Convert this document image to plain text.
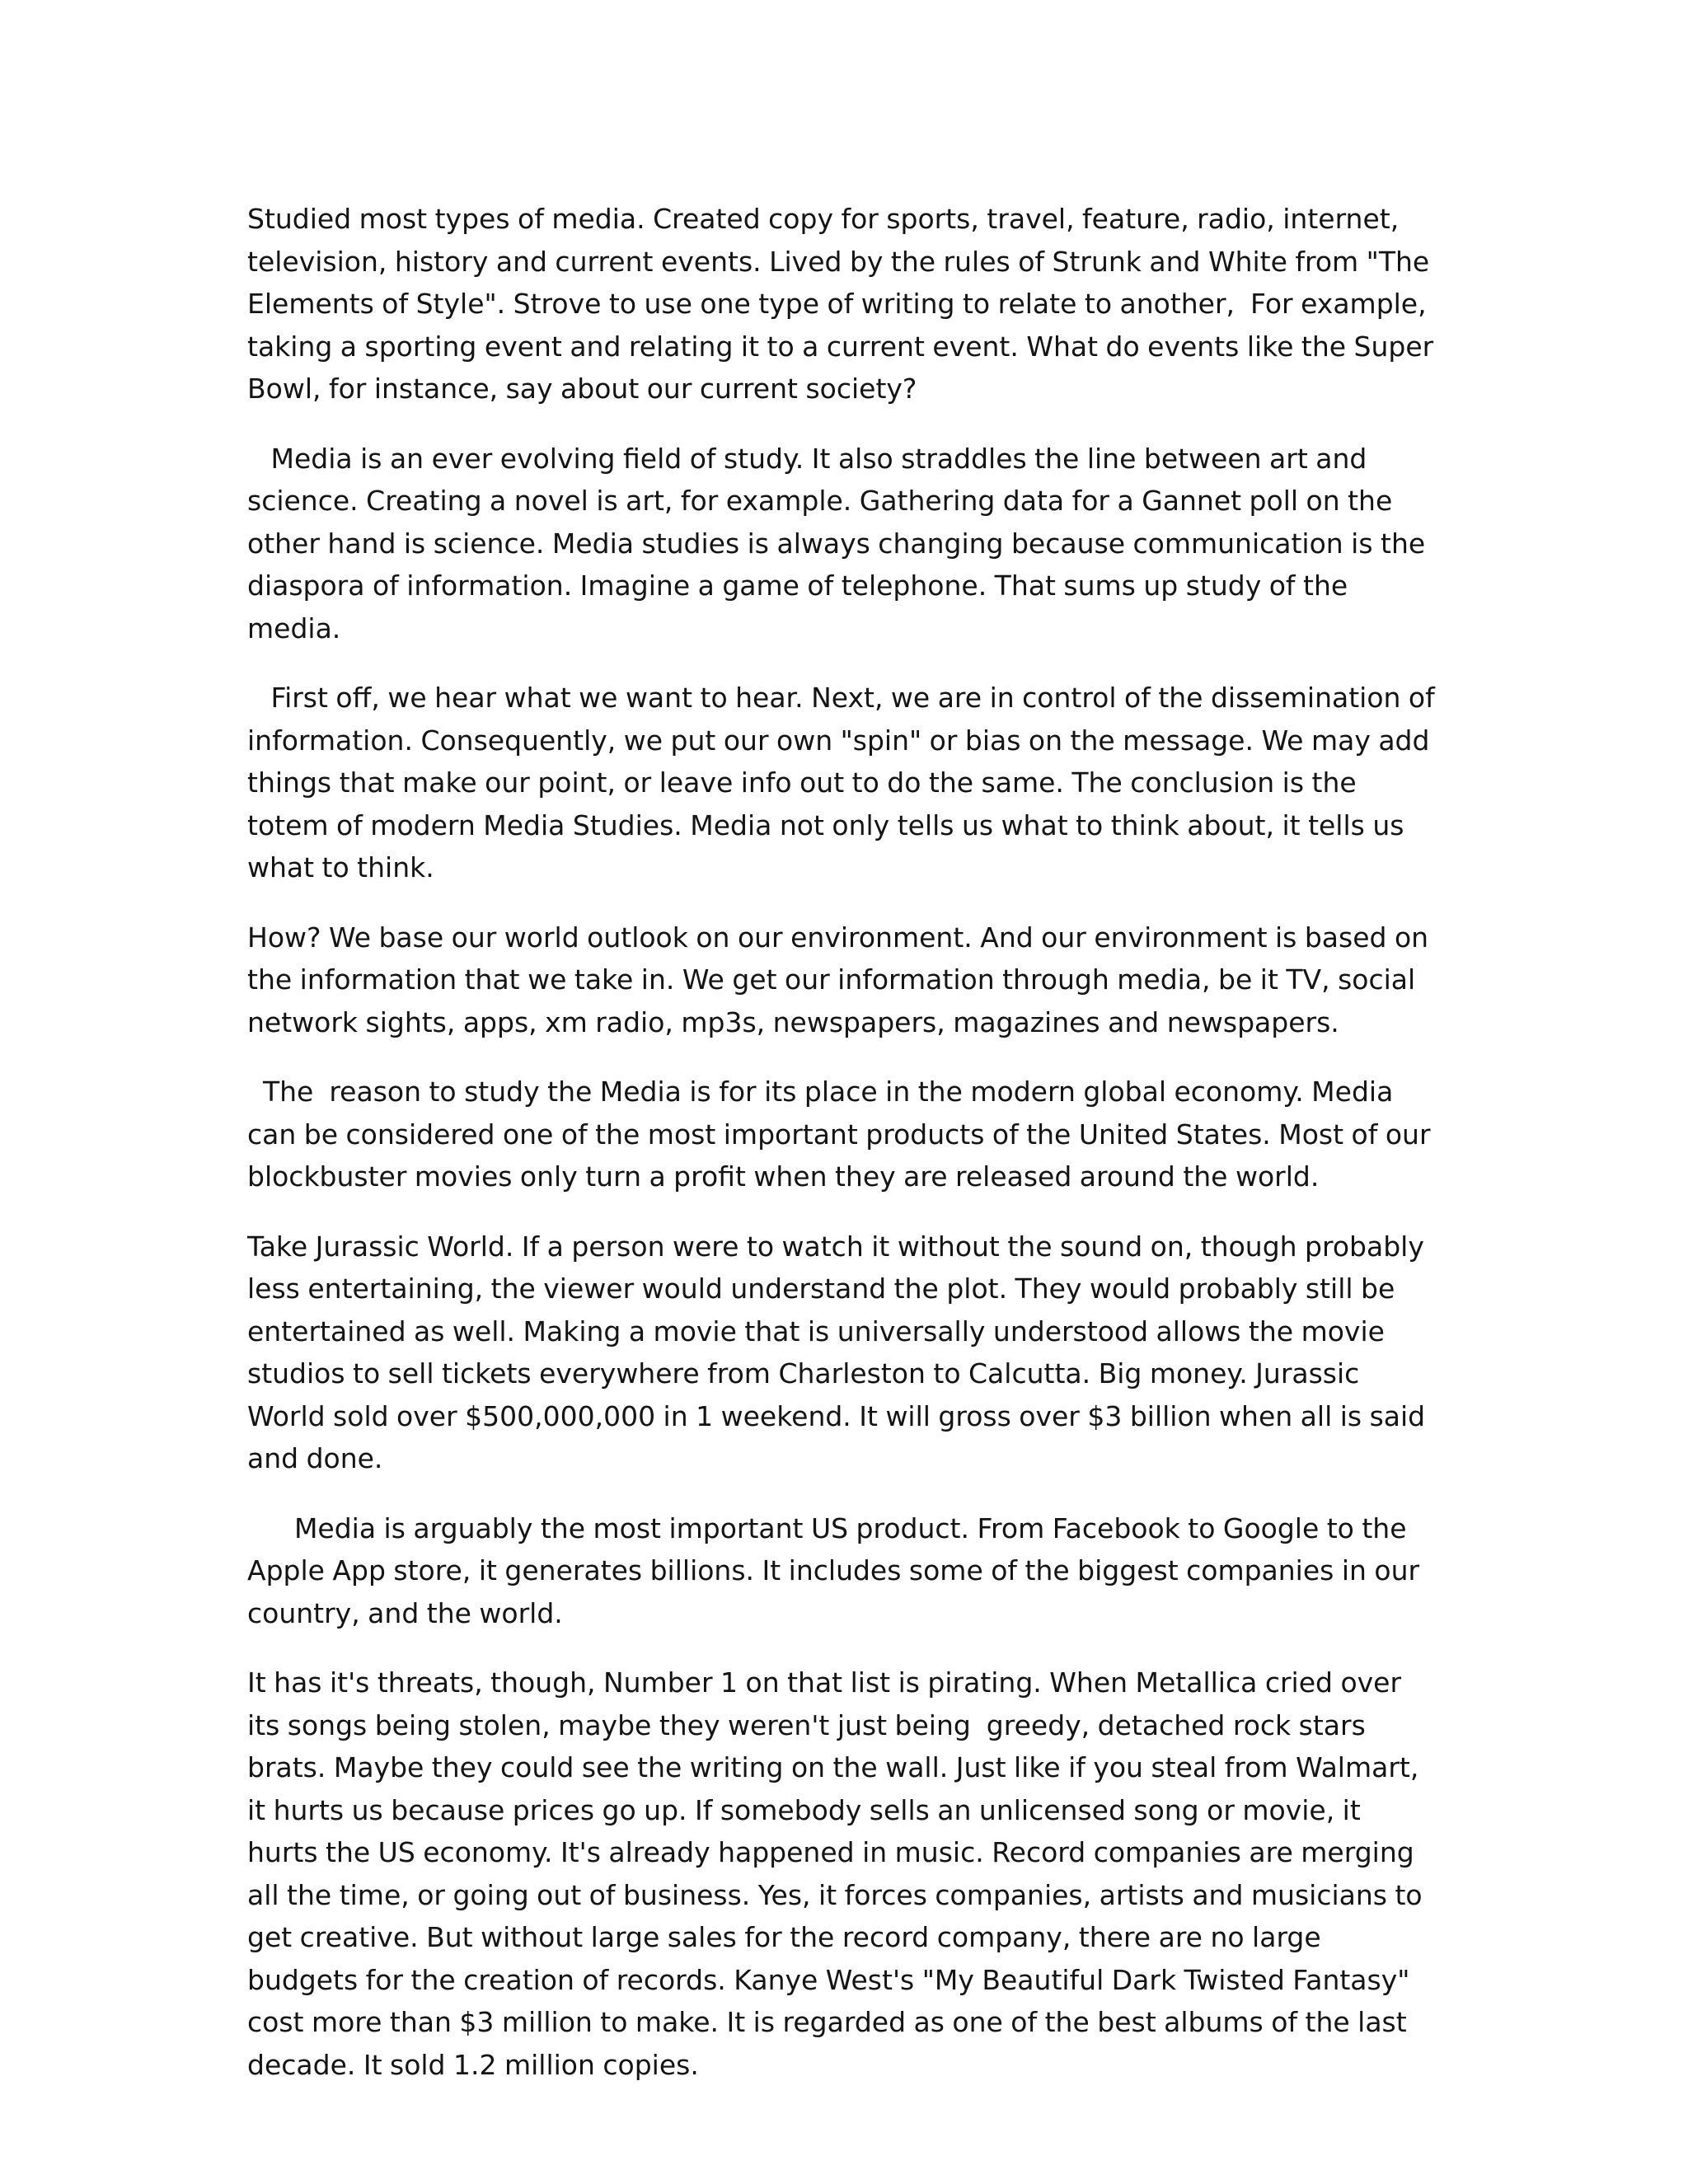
Studied most types of media. Created copy for sports, travel, feature, radio, internet, television, history and current events. Lived by the rules of Strunk and White from "The Elements of Style". Strove to use one type of writing to relate to another,  For example, taking a sporting event and relating it to a current event. What do events like the Super Bowl, for instance, say about our current society?

Media is an ever evolving field of study. It also straddles the line between art and science. Creating a novel is art, for example. Gathering data for a Gannet poll on the other hand is science. Media studies is always changing because communication is the diaspora of information. Imagine a game of telephone. That sums up study of the media.

First off, we hear what we want to hear. Next, we are in control of the dissemination of information. Consequently, we put our own "spin" or bias on the message. We may add things that make our point, or leave info out to do the same. The conclusion is the totem of modern Media Studies. Media not only tells us what to think about, it tells us what to think.

How? We base our world outlook on our environment. And our environment is based on the information that we take in. We get our information through media, be it TV, social network sights, apps, xm radio, mp3s, newspapers, magazines and newspapers.

The  reason to study the Media is for its place in the modern global economy. Media can be considered one of the most important products of the United States. Most of our blockbuster movies only turn a profit when they are released around the world.

Take Jurassic World. If a person were to watch it without the sound on, though probably less entertaining, the viewer would understand the plot. They would probably still be entertained as well. Making a movie that is universally understood allows the movie studios to sell tickets everywhere from Charleston to Calcutta. Big money. Jurassic World sold over $500,000,000 in 1 weekend. It will gross over $3 billion when all is said and done.

Media is arguably the most important US product. From Facebook to Google to the Apple App store, it generates billions. It includes some of the biggest companies in our country, and the world.

It has it's threats, though, Number 1 on that list is pirating. When Metallica cried over its songs being stolen, maybe they weren't just being  greedy, detached rock stars brats. Maybe they could see the writing on the wall. Just like if you steal from Walmart, it hurts us because prices go up. If somebody sells an unlicensed song or movie, it hurts the US economy. It's already happened in music. Record companies are merging all the time, or going out of business. Yes, it forces companies, artists and musicians to get creative. But without large sales for the record company, there are no large budgets for the creation of records. Kanye West's "My Beautiful Dark Twisted Fantasy"  cost more than $3 million to make. It is regarded as one of the best albums of the last decade. It sold 1.2 million copies.
